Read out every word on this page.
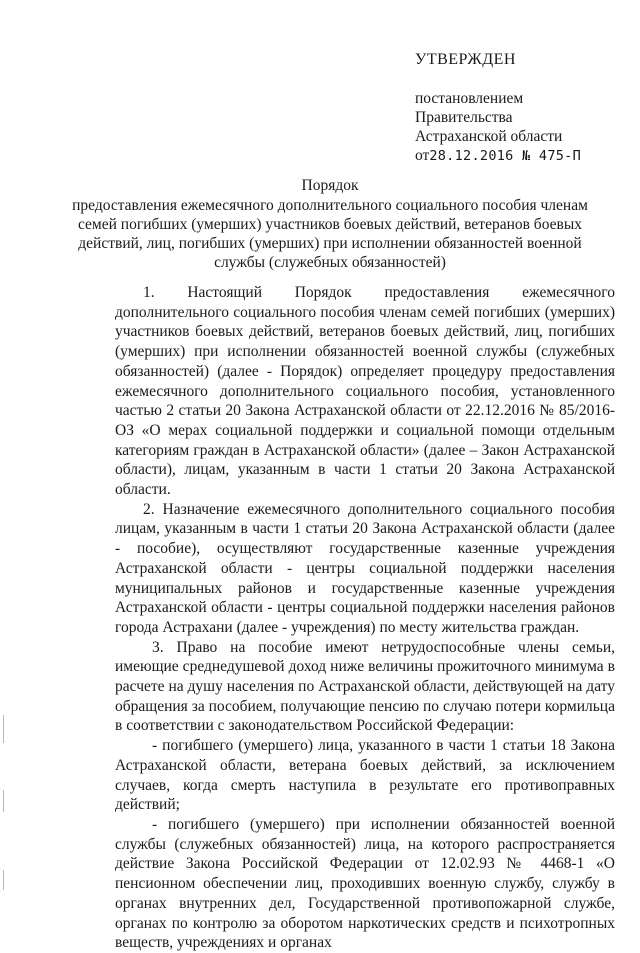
УТВЕРЖДЕН
постановлением
Правительства
Астраханской области
от28.12.2016 № 475-П
Порядок
предоставления ежемесячного дополнительного социального пособия членам семей погибших (умерших) участников боевых действий, ветеранов боевых действий, лиц, погибших (умерших) при исполнении обязанностей военной службы (служебных обязанностей)

1. Настоящий Порядок предоставления ежемесячного дополнительного социального пособия членам семей погибших (умерших) участников боевых действий, ветеранов боевых действий, лиц, погибших (умерших) при исполнении обязанностей военной службы (служебных обязанностей) (далее - Порядок) определяет процедуру предоставления ежемесячного дополнительного социального пособия, установленного частью 2 статьи 20 Закона Астраханской области от 22.12.2016 № 85/2016-ОЗ «О мерах социальной поддержки и социальной помощи отдельным категориям граждан в Астраханской области» (далее – Закон Астраханской области), лицам, указанным в части 1 статьи 20 Закона Астраханской области.

2. Назначение ежемесячного дополнительного социального пособия лицам, указанным в части 1 статьи 20 Закона Астраханской области (далее - пособие), осуществляют государственные казенные учреждения Астраханской области - центры социальной поддержки населения муниципальных районов и государственные казенные учреждения Астраханской области - центры социальной поддержки населения районов города Астрахани (далее - учреждения) по месту жительства граждан.

3. Право на пособие имеют нетрудоспособные члены семьи, имеющие среднедушевой доход ниже величины прожиточного минимума в расчете на душу населения по Астраханской области, действующей на дату обращения за пособием, получающие пенсию по случаю потери кормильца в соответствии с законодательством Российской Федерации:

- погибшего (умершего) лица, указанного в части 1 статьи 18 Закона Астраханской области, ветерана боевых действий, за исключением случаев, когда смерть наступила в результате его противоправных действий;

- погибшего (умершего) при исполнении обязанностей военной службы (служебных обязанностей) лица, на которого распространяется действие Закона Российской Федерации от 12.02.93 № 4468-1 «О пенсионном обеспечении лиц, проходивших военную службу, службу в органах внутренних дел, Государственной противопожарной службе, органах по контролю за оборотом наркотических средств и психотропных веществ, учреждениях и органах
